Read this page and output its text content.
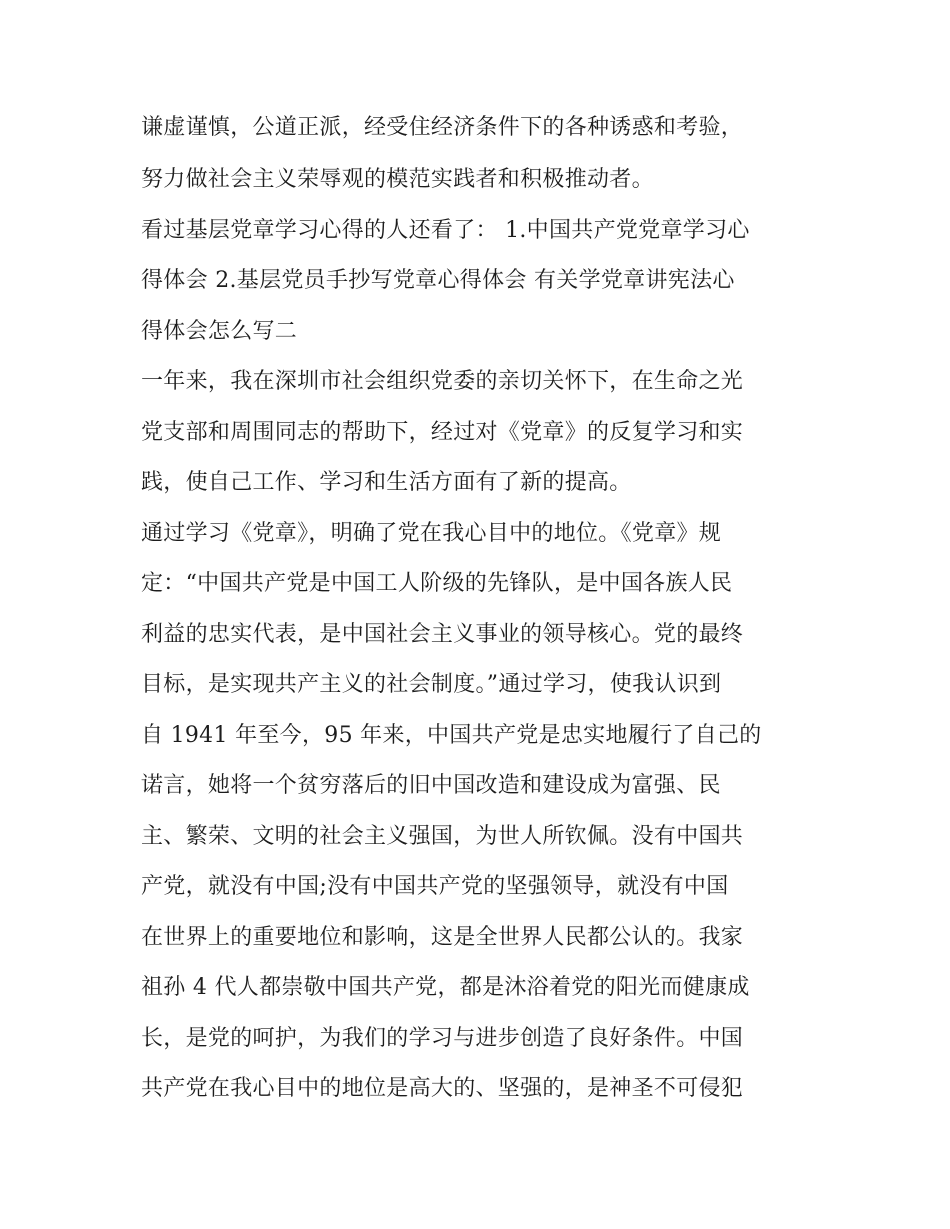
谦虚谨慎，公道正派，经受住经济条件下的各种诱惑和考验，
努力做社会主义荣辱观的模范实践者和积极推动者。
看过基层党章学习心得的人还看了： 1.中国共产党党章学习心
得体会 2.基层党员手抄写党章心得体会 有关学党章讲宪法心
得体会怎么写二
一年来，我在深圳市社会组织党委的亲切关怀下，在生命之光
党支部和周围同志的帮助下，经过对《党章》的反复学习和实
践，使自己工作、学习和生活方面有了新的提高。
通过学习《党章》，明确了党在我心目中的地位。《党章》规
定：“中国共产党是中国工人阶级的先锋队，是中国各族人民
利益的忠实代表，是中国社会主义事业的领导核心。党的最终
目标，是实现共产主义的社会制度。”通过学习，使我认识到
自 1941 年至今，95 年来，中国共产党是忠实地履行了自己的
诺言，她将一个贫穷落后的旧中国改造和建设成为富强、民
主、繁荣、文明的社会主义强国，为世人所钦佩。没有中国共
产党，就没有中国;没有中国共产党的坚强领导，就没有中国
在世界上的重要地位和影响，这是全世界人民都公认的。我家
祖孙 4 代人都崇敬中国共产党，都是沐浴着党的阳光而健康成
长，是党的呵护，为我们的学习与进步创造了良好条件。中国
共产党在我心目中的地位是高大的、坚强的，是神圣不可侵犯
